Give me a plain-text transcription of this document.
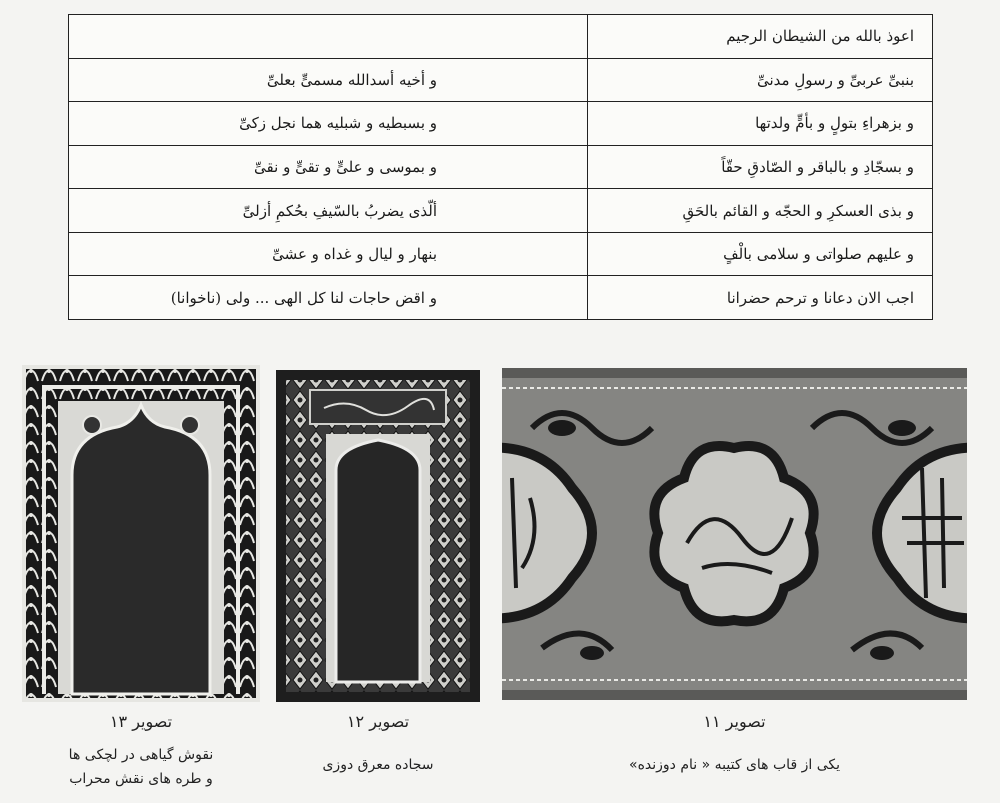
	اعوذ بالله من الشیطان الرجیم
و أخیه أسدالله مسمیٍّ بعلیِّ	بنبیِّ عربیِّ و رسولِ مدنیِّ
و بسبطیه و شبلیه هما نجل زکیِّ	و بزهراءِ بتولٍ و بأمٍّ ولدتها
و بموسی و علیٍّ و تقیٍّ و نقیِّ	و بسجّادِ و بالباقر و الصّادقِ حقّاً
ألّذی یضربُ بالسّیفِ بحُکمِ أزلیِّ	و بذی العسکرِ و الحجّه و القائم بالحَقِ
بنهار و لیال و غداه و عشیِّ	و علیهم صلواتی و سلامی بالْفٍ
و اقض حاجات لنا کل الهی ... ولی (ناخوانا)	اجب الان دعانا و ترحم حضرانا
تصویر ۱۳
نقوش گیاهی در لچکی ها
و طره های نقش محراب
تصویر ۱۲
سجاده معرق دوزی
تصویر ۱۱
یکی از قاب های کتیبه « نام دوزنده»
